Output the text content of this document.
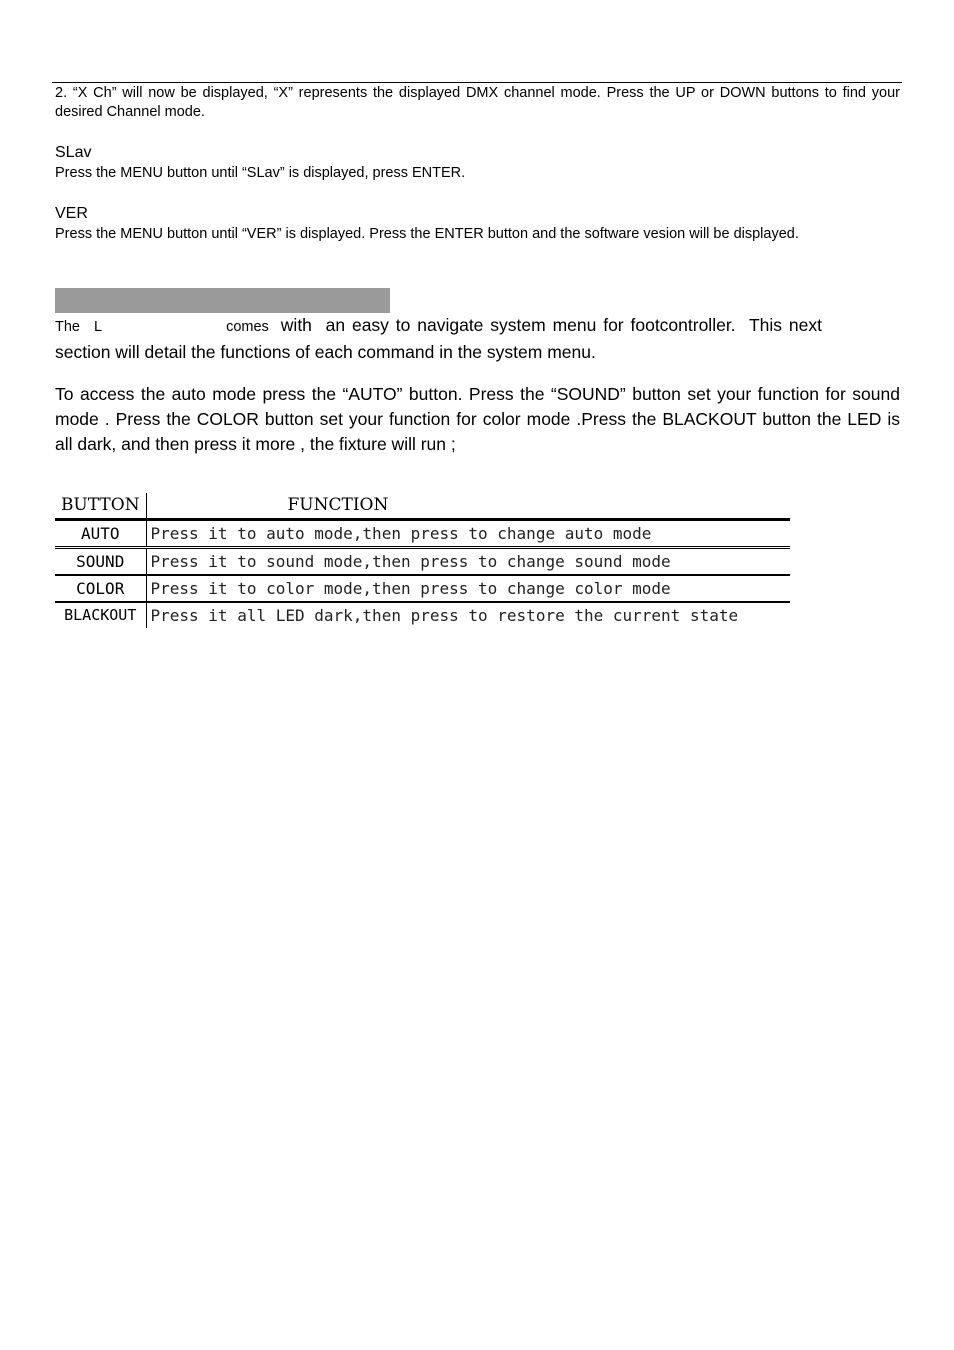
2. “X Ch” will now be displayed, “X” represents the displayed DMX channel mode. Press the UP or DOWN buttons to find your desired Channel mode.

SLav

Press the MENU button until “SLav” is displayed, press ENTER.

VER

Press the MENU button until “VER” is displayed. Press the ENTER button and the software vesion will be displayed.

The L	comes with  an easy to navigate system menu for footcontroller.  This next
section will detail the functions of each command in the system menu.

To access the auto mode press the “AUTO” button. Press the “SOUND” button set your function for sound mode . Press the COLOR button set your function for color mode .Press the BLACKOUT button the LED is all dark, and then press it more , the fixture will run ;

BUTTON	FUNCTION
AUTO	Press it to auto mode,then press to change auto mode
SOUND	Press it to sound mode,then press to change sound mode
COLOR	Press it to color mode,then press to change color mode
BLACKOUT	Press it all LED dark,then press to restore the current state
